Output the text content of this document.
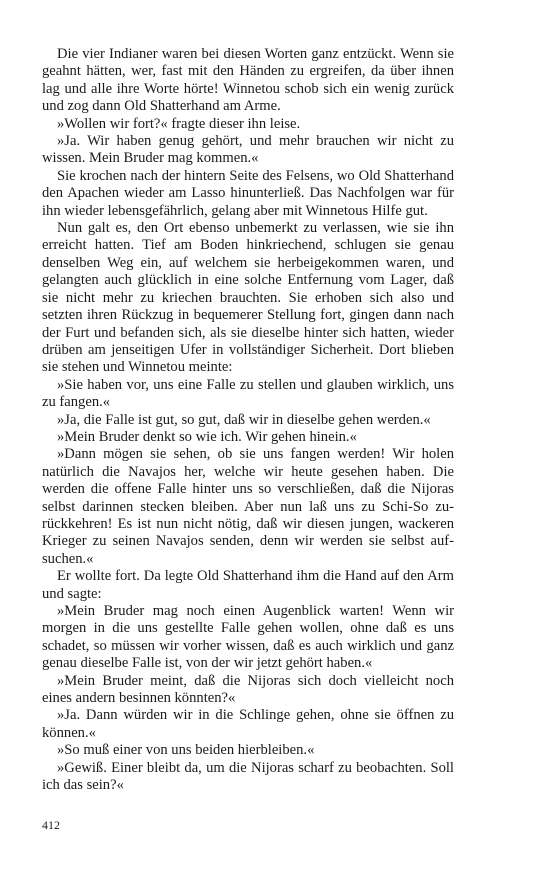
Die vier Indianer waren bei diesen Worten ganz entzückt. Wenn sie geahnt hätten, wer, fast mit den Händen zu ergreifen, da über ihnen lag und alle ihre Worte hörte! Winnetou schob sich ein wenig zurück und zog dann Old Shatterhand am Arme.

»Wollen wir fort?« fragte dieser ihn leise.

»Ja. Wir haben genug gehört, und mehr brauchen wir nicht zu wissen. Mein Bruder mag kommen.«

Sie krochen nach der hintern Seite des Felsens, wo Old Shatterhand den Apachen wieder am Lasso hinunterließ. Das Nachfolgen war für ihn wieder lebensgefährlich, gelang aber mit Winnetous Hilfe gut.

Nun galt es, den Ort ebenso unbemerkt zu verlassen, wie sie ihn erreicht hatten. Tief am Boden hinkriechend, schlugen sie genau denselben Weg ein, auf welchem sie herbeigekommen waren, und gelangten auch glücklich in eine solche Entfernung vom Lager, daß sie nicht mehr zu kriechen brauchten. Sie erhoben sich also und setzten ihren Rückzug in bequemerer Stellung fort, gingen dann nach der Furt und befanden sich, als sie dieselbe hinter sich hatten, wieder drüben am jenseitigen Ufer in vollständiger Sicherheit. Dort blieben sie stehen und Winnetou meinte:

»Sie haben vor, uns eine Falle zu stellen und glauben wirklich, uns zu fangen.«

»Ja, die Falle ist gut, so gut, daß wir in dieselbe gehen werden.«

»Mein Bruder denkt so wie ich. Wir gehen hinein.«

»Dann mögen sie sehen, ob sie uns fangen werden! Wir holen natürlich die Navajos her, welche wir heute gesehen haben. Die werden die offene Falle hinter uns so verschließen, daß die Nijoras selbst darinnen stecken bleiben. Aber nun laß uns zu Schi-So zurückkehren! Es ist nun nicht nötig, daß wir diesen jungen, wackeren Krieger zu seinen Navajos senden, denn wir werden sie selbst aufsuchen.«

Er wollte fort. Da legte Old Shatterhand ihm die Hand auf den Arm und sagte:

»Mein Bruder mag noch einen Augenblick warten! Wenn wir morgen in die uns gestellte Falle gehen wollen, ohne daß es uns schadet, so müssen wir vorher wissen, daß es auch wirklich und ganz genau dieselbe Falle ist, von der wir jetzt gehört haben.«

»Mein Bruder meint, daß die Nijoras sich doch vielleicht noch eines andern besinnen könnten?«

»Ja. Dann würden wir in die Schlinge gehen, ohne sie öffnen zu können.«

»So muß einer von uns beiden hierbleiben.«

»Gewiß. Einer bleibt da, um die Nijoras scharf zu beobachten. Soll ich das sein?«

412
